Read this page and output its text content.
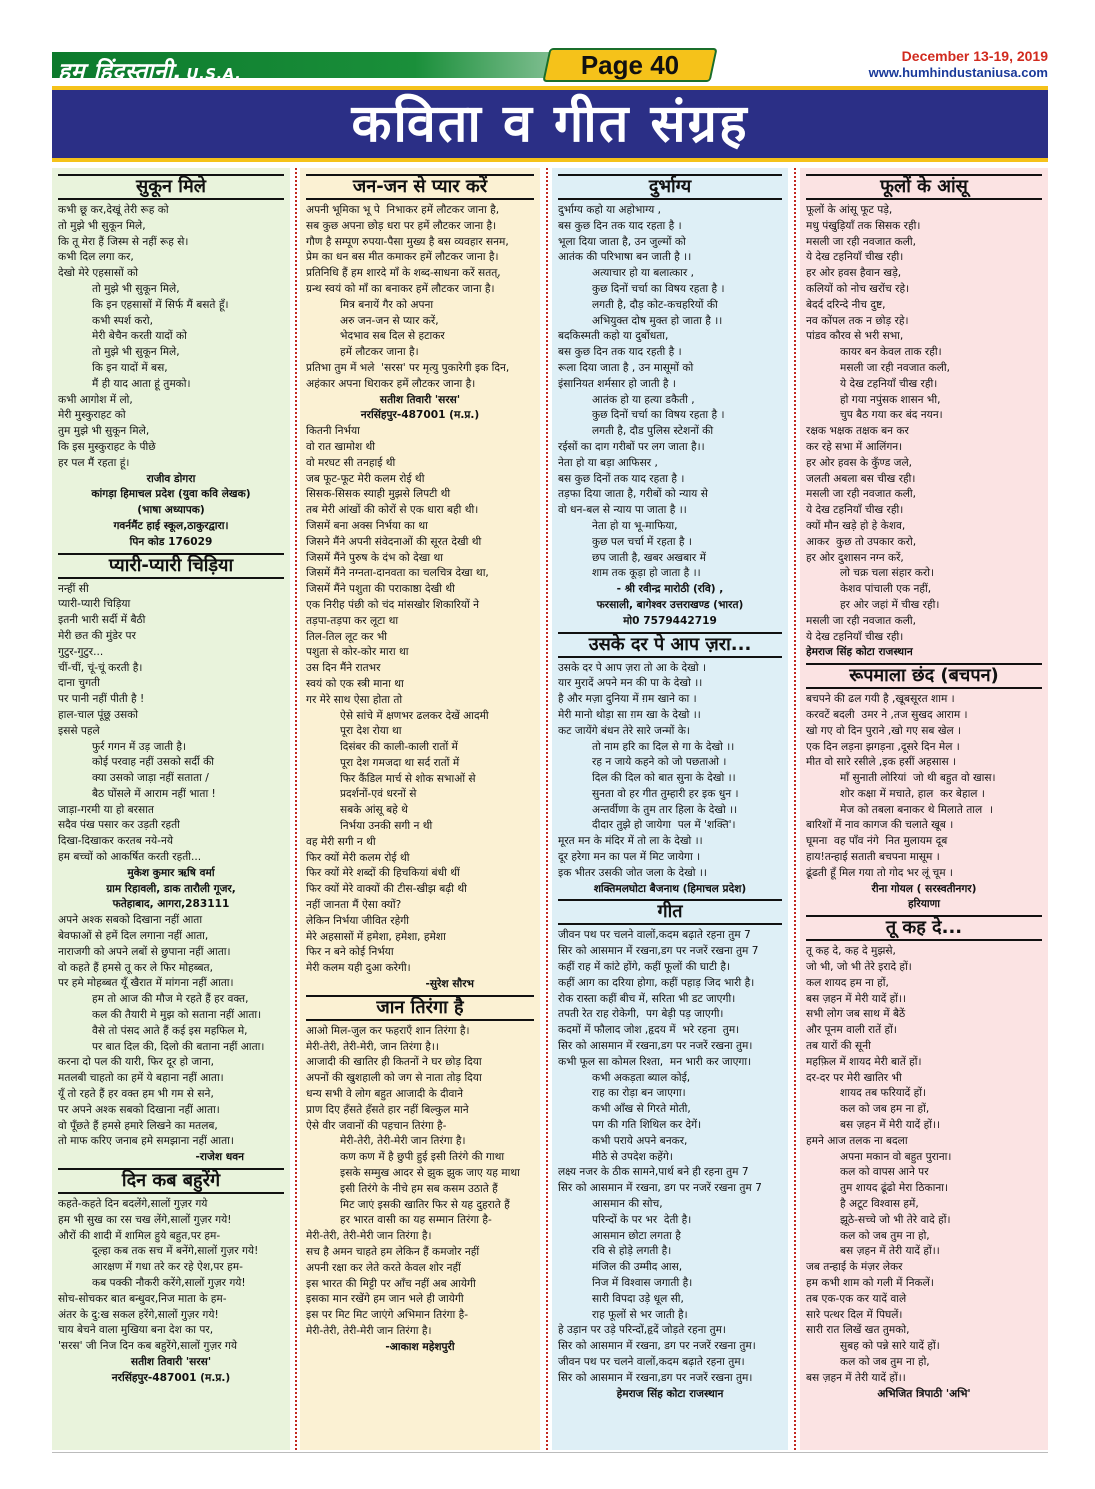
हम हिंदुस्तानी, U.S.A.	Page 40	December 13-19, 2019
www.humhindustaniusa.com
कविता व गीत संग्रह
सुकून मिले

कभी छू कर,देखूं तेरी रूह को

तो मुझे भी सुकून मिले,

कि तू मेरा हैं जिस्म से नहीं रूह से।

कभी दिल लगा कर,

देखो मेरे एहसासों को

तो मुझे भी सुकून मिले,

कि इन एहसासों में सिर्फ मैं बसते हूँ।

कभी स्पर्श करो,

मेरी बेचैन करती यादों को

तो मुझे भी सुकून मिले,

कि इन यादों में बस,

मैं ही याद आता हूं तुमको।

कभी आगोश में लो,

मेरी मुस्कुराहट को

तुम मुझे भी सुकून मिले,

कि इस मुस्कुराहट के पीछे

हर पल मैं रहता हूं।

राजीव डोगरा

कांगड़ा हिमाचल प्रदेश (युवा कवि लेखक)

(भाषा अध्यापक)

गवर्नमैंट हाई स्कूल,ठाकुरद्वारा।

पिन कोड 176029

प्यारी-प्यारी चिड़िया

नन्हीं सी

प्यारी-प्यारी चिड़िया

इतनी भारी सर्दी में बैठी

मेरी छत की मुंडेर पर

गुटुर-गुटुर...

चीं-चीं, चूं-चूं करती है।

दाना चुगती

पर पानी नहीं पीती है !

हाल-चाल पूंछू उसको

इससे पहले

फुर्र गगन में उड़ जाती है।

कोई परवाह नहीं उसको सर्दी की

क्या उसको जाड़ा नहीं सताता /

बैठ घोंसले में आराम नहीं भाता !

जाड़ा-गरमी या हो बरसात

सदैव पंख पसार कर उड़ती रहती

दिखा-दिखाकर करतब नये-नये

हम बच्चों को आकर्षित करती रहती...

मुकेश कुमार ऋषि वर्मा

ग्राम रिहावली, डाक तारौली गूजर,

फतेहाबाद, आगरा,283111

अपने अश्क सबको दिखाना नहीं आता

बेवफाओं से हमें दिल लगाना नहीं आता,

नाराजगी को अपने लबों से छुपाना नहीं आता।

वो कहते हैं हमसे तू कर ले फिर मोहब्बत,

पर हमे मोहब्बत यूँ खैरात में मांगना नहीं आता।

हम तो आज की मौज मे रहते हैं हर वक्त,

कल की तैयारी मे मुझ को सताना नहीं आता।

वैसे तो पंसद आते हैं कई इस महफिल मे,

पर बात दिल की, दिलो की बताना नहीं आता।

करना दो पल की यारी, फिर दूर हो जाना,

मतलबी चाहतो का हमें ये बहाना नहीं आता।

यूँ तो रहते हैं हर वक्त हम भी गम से सने,

पर अपने अश्क सबको दिखाना नहीं आता।

वो पूँछते हैं हमसे हमारे लिखने का मतलब,

तो माफ करिए जनाब हमे समझाना नहीं आता।

-राजेश धवन
दिन कब बहुरेंगे

कहते-कहते दिन बदलेंगे,सालों गुज़र गये

हम भी सुख का रस चख लेंगे,सालों गुज़र गये!

औरों की शादी में शामिल हुये बहुत,पर हम-

दूल्हा कब तक सच में बनेंगे,सालों गुज़र गये!

आरक्षण में गधा तरे कर रहे ऐश,पर हम-

कब पक्की नौकरी करेंगे,सालों गुज़र गये!

सोच-सोचकर बात बन्धुवर,निज माता के हम-

अंतर के दु:ख सकल हरेंगे,सालों गुज़र गये!

चाय बेचने वाला मुखिया बना देश का पर,

'सरस' जी निज दिन कब बहुरेंगे,सालों गुज़र गये

सतीश तिवारी 'सरस'

नरसिंहपुर-487001 (म.प्र.)

जन-जन से प्यार करें

अपनी भूमिका भू पे  निभाकर हमें लौटकर जाना है,

सब कुछ अपना छोड़ धरा पर हमें लौटकर जाना है।

गौण है सम्पूण रुपया-पैसा मुख्य है बस व्यवहार सनम,

प्रेम का धन बस मीत कमाकर हमें लौटकर जाना है।

प्रतिनिधि हैं हम शारदे माँ के शब्द-साधना करें सतत्,

ग्रन्थ स्वयं को माँ का बनाकर हमें लौटकर जाना है।

मित्र बनायें गैर को अपना

अरु जन-जन से प्यार करें,

भेदभाव सब दिल से हटाकर

हमें लौटकर जाना है।

प्रतिभा तुम में भले  'सरस' पर मृत्यु पुकारेगी इक दिन,

अहंकार अपना धिराकर हमें लौटकर जाना है।

सतीश तिवारी 'सरस'

नरसिंहपुर-487001 (म.प्र.)

कितनी निर्भया

वो रात खामोश थी

वो मरघट सी तनहाई थी

जब फूट-फूट मेरी कलम रोई थी

सिसक-सिसक स्याही मुझसे लिपटी थी

तब मेरी आंखों की कोरों से एक धारा बही थी।

जिसमें बना अक्स निर्भया का था

जिसने मैंने अपनी संवेदनाओं की सूरत देखी थी

जिसमें मैंने पुरुष के दंभ को देखा था

जिसमें मैंने नग्नता-दानवता का चलचित्र देखा था,

जिसमें मैंने पशुता की पराकाष्ठा देखी थी

एक निरीह पंछी को चंद मांसखोर शिकारियों ने

तड़पा-तड़पा कर लूटा था

तिल-तिल लूट कर भी

पशुता से कोर-कोर मारा था

उस दिन मैंने रातभर

स्वयं को एक स्त्री माना था

गर मेरे साथ ऐसा होता तो

ऐसे सांचे में क्षणभर ढलकर देखें आदमी

पूरा देश रोया था

दिसंबर की काली-काली रातों में

पूरा देश गमजदा था सर्द रातों में

फिर कैंडिल मार्च से शोक सभाओं से

प्रदर्शनों-एवं धरनों से

सबके आंसू बहे थे

निर्भया उनकी सगी न थी

वह मेरी सगी न थी

फिर क्यों मेरी कलम रोई थी

फिर क्यों मेरे शब्दों की हिचकियां बंधी थीं

फिर क्यों मेरे वाक्यों की टीस-खीझ बढ़ी थी

नहीं जानता मैं ऐसा क्यों?

लेकिन निर्भया जीवित रहेगी

मेरे अहसासों में हमेशा, हमेशा, हमेशा

फिर न बने कोई निर्भया

मेरी कलम यही दुआ करेगी।

-सुरेश सौरभ
जान तिरंगा है

आओ मिल-जुल कर फहराएँ शान तिरंगा है।

मेरी-तेरी, तेरी-मेरी, जान तिरंगा है।।

आजादी की खातिर ही कितनों ने घर छोड़ दिया

अपनों की खुशहाली को जग से नाता तोड़ दिया

धन्य सभी वे लोग बहुत आजादी के दीवाने

प्राण दिए हँसते हँसते हार नहीं बिल्कुल माने

ऐसे वीर जवानों की पहचान तिरंगा है-

मेरी-तेरी, तेरी-मेरी जान तिरंगा है।

कण कण में है छुपी हुई इसी तिरंगे की गाथा

इसके सम्मुख आदर से झुक झुक जाए यह माथा

इसी तिरंगे के नीचे हम सब कसम उठाते हैं

मिट जाएं इसकी खातिर फिर से यह दुहराते हैं

हर भारत वासी का यह सम्मान तिरंगा है-

मेरी-तेरी, तेरी-मेरी जान तिरंगा है।

सच है अमन चाहते हम लेकिन हैं कमजोर नहीं

अपनी रक्षा कर लेते करते केवल शोर नहीं

इस भारत की मिट्टी पर आँच नहीं अब आयेगी

इसका मान रखेंगे हम जान भले ही जायेगी

इस पर मिट मिट जाएंगे अभिमान तिरंगा है-

मेरी-तेरी, तेरी-मेरी जान तिरंगा है।

-आकाश महेशपुरी
दुर्भाग्य

दुर्भाग्य कहो या अहोभाग्य ,

बस कुछ दिन तक याद रहता है ।

भूला दिया जाता है, उन जुल्मों को

आतंक की परिभाषा बन जाती है ।।

अत्याचार हो या बलात्कार ,

कुछ दिनों चर्चा का विषय रहता है ।

लगती है, दौड़ कोट-कचहरियों की

अभियुक्त दोष मुक्त हो जाता है ।।

बदकिस्मती कहो या दुर्बोधता,

बस कुछ दिन तक याद रहती है ।

रूला दिया जाता है , उन मासूमों को

इंसानियत शर्मसार हो जाती है ।

आतंक हो या हत्या डकैती ,

कुछ दिनों चर्चा का विषय रहता है ।

लगती है, दौड पुलिस स्टेशनों की

रईसों का दाग गरीबों पर लग जाता है।।

नेता हो या बड़ा आफिसर ,

बस कुछ दिनों तक याद रहता है ।

तड़फा दिया जाता है, गरीबों को न्याय से

वो धन-बल से न्याय पा जाता है ।।

नेता हो या भू-माफिया,

कुछ पल चर्चा में रहता है ।

छप जाती है, खबर अखबार में

शाम तक कूड़ा हो जाता है ।।

- श्री रवीन्द्र मारोठी (रवि) ,

फरसाली, बागेश्वर उत्तराखण्ड (भारत)

मो0 7579442719

उसके दर पे आप ज़रा...

उसके दर पे आप ज़रा तो आ के देखो ।

यार मुरादें अपने मन की पा के देखो ।।

है और मज़ा दुनिया में ग़म खाने का ।

मेरी मानो थोड़ा सा ग़म खा के देखो ।।

कट जायेंगे बंधन तेरे सारे जन्मों के।

तो नाम हरि का दिल से गा के देखो ।।

रह न जाये कहने को जो पछताओ ।

दिल की दिल को बात सुना के देखो ।।

सुनता वो हर गीत तुम्हारी हर इक धुन ।

अन्तर्वीणा के तुम तार हिला के देखो ।।

दीदार तुझे हो जायेगा  पल में 'शक्ति'।

मूरत मन के मंदिर में तो ला के देखो ।।

दूर हरेगा मन का पल में मिट जायेगा ।

इक भीतर उसकी जोत जला के देखो ।।

शक्तिमलघोटा बैजनाथ (हिमाचल प्रदेश)
गीत

जीवन पथ पर चलने वालों,कदम बढ़ाते रहना तुम 7

सिर को आसमान में रखना,डग पर नजरें रखना तुम 7

कहीं राह में कांटे होंगे, कहीं फूलों की घाटी है।

कहीं आग का दरिया होगा, कहीं पहाड़ जिद भारी है।

रोक रास्ता कहीं बीच में, सरिता भी डट जाएगी।

तपती रेत राह रोकेगी,  पग बेड़ी पड़ जाएगी।

कदमों में फौलाद जोश ,हृदय में  भरे रहना  तुम।

सिर को आसमान में रखना,डग पर नजरें रखना तुम।

कभी फूल सा कोमल रिश्ता,  मन भारी कर जाएगा।

कभी अकड़ता ब्याल कोई,

राह का रोड़ा बन जाएगा।

कभी आँख से गिरते मोती,

पग की गति शिथिल कर देगें।

कभी पराये अपने बनकर,

मीठे से उपदेश कहेंगे।

लक्ष्य नजर के ठीक सामने,पार्थ बने ही रहना तुम 7

सिर को आसमान में रखना, डग पर नजरें रखना तुम 7

आसमान की सोच,

परिन्दों के पर भर  देती है।

आसमान छोटा लगता है

रवि से होड़े लगती है।

मंजिल की उम्मीद आस,

निज में विश्वास जगाती है।

सारी विपदा उड़े धूल सी,

राह फूलों से भर जाती है।

हे उड़ान पर उड़े परिन्दों,हृदें जोड़ते रहना तुम।

सिर को आसमान में रखना, डग पर नजरें रखना तुम।

जीवन पथ पर चलने वालों,कदम बढ़ाते रहना तुम।

सिर को आसमान में रखना,डग पर नजरें रखना तुम।

हेमराज सिंह कोटा राजस्थान
फूलों के आंसू

फूलों के आंसू फूट पड़े,

मधु पंखुड़ियाँ तक सिसक रही।

मसली जा रही नवजात कली,

ये देख टहनियाँ चीख रही।

हर ओर हवस हैवान खड़े,

कलियों को नोच खरोंच रहे।

बेदर्द दरिन्दे नीच दुष्ट,

नव कोंपल तक न छोड़ रहे।

पांडव कौरव से भरी सभा,

कायर बन केवल ताक रही।

मसली जा रही नवजात कली,

ये देख टहनियाँ चीख रही।

हो गया नपुंसक शासन भी,

चुप बैठ गया कर बंद नयन।

रक्षक भक्षक तक्षक बन कर

कर रहे सभा में आलिंगन।

हर ओर हवस के कुँण्ड जले,

जलती अबला बस चीख रही।

मसली जा रही नवजात कली,

ये देख टहनियाँ चीख रही।

क्यों मौन खड़े हो हे केशव,

आकर  कुछ तो उपकार करो,

हर ओर दुशासन नग्न करें,

लो चक्र चला संहार करो।

केशव पांचाली एक नहीं,

हर ओर जहां में चीख रही।

मसली जा रही नवजात कली,

ये देख टहनियाँ चीख रही।

हेमराज सिंह कोटा राजस्थान
रूपमाला छंद (बचपन)

बचपने की ढल गयी है ,खूबसूरत शाम ।

करवटें बदली  उमर ने ,तज सुखद आराम ।

खो गए वो दिन पुराने ,खो गए सब खेल ।

एक दिन लड़ना झगड़ना ,दूसरे दिन मेल ।

मीत वो सारे रसीले ,इक हसीं अहसास ।

माँ सुनाती लोरियां  जो थी बहुत वो खास।

शोर कक्षा में मचाते, हाल  कर बेहाल ।

मेज को तबला बनाकर थे मिलाते ताल  ।

बारिशों में नाव कागज की चलाते खूब ।

घूमना  वह पाँव नंगे  नित मुलायम दूब

हाय!तन्हाई सताती बचपना मासूम ।

ढूंढती हूँ मिल गया तो गोद भर लूं चूम ।

रीना गोयल ( सरस्वतीनगर)

हरियाणा

तू कह दे...

तू कह दे, कह दे मुझसे,

जो भी, जो भी तेरे इरादे हों।

कल शायद हम ना हों,

बस ज़हन में मेरी यादें हों।।

सभी लोग जब साथ में बैठें

और पूनम वाली रातें हों।

तब यारों की सूनी

महफ़िल में शायद मेरी बातें हों।

दर-दर पर मेरी खातिर भी

शायद तब फरियादें हों।

कल को जब हम ना हों,

बस ज़हन में मेरी यादें हों।।

हमने आज तलक ना बदला

अपना मकान वो बहुत पुराना।

कल को वापस आने पर

तुम शायद ढूंढो मेरा ठिकाना।

है अटूट विश्वास हमें,

झूठे-सच्चे जो भी तेरे वादे हों।

कल को जब तुम ना हो,

बस ज़हन में तेरी यादें हों।।

जब तन्हाई के मंज़र लेकर

हम कभी शाम को गली में निकलें।

तब एक-एक कर यादें वाले

सारे पत्थर दिल में पिघलें।

सारी रात लिखें खत तुमको,

सुबह को पन्ने सारे यादें हों।

कल को जब तुम ना हो,

बस ज़हन में तेरी यादें हों।।

अभिजित त्रिपाठी 'अभि'
